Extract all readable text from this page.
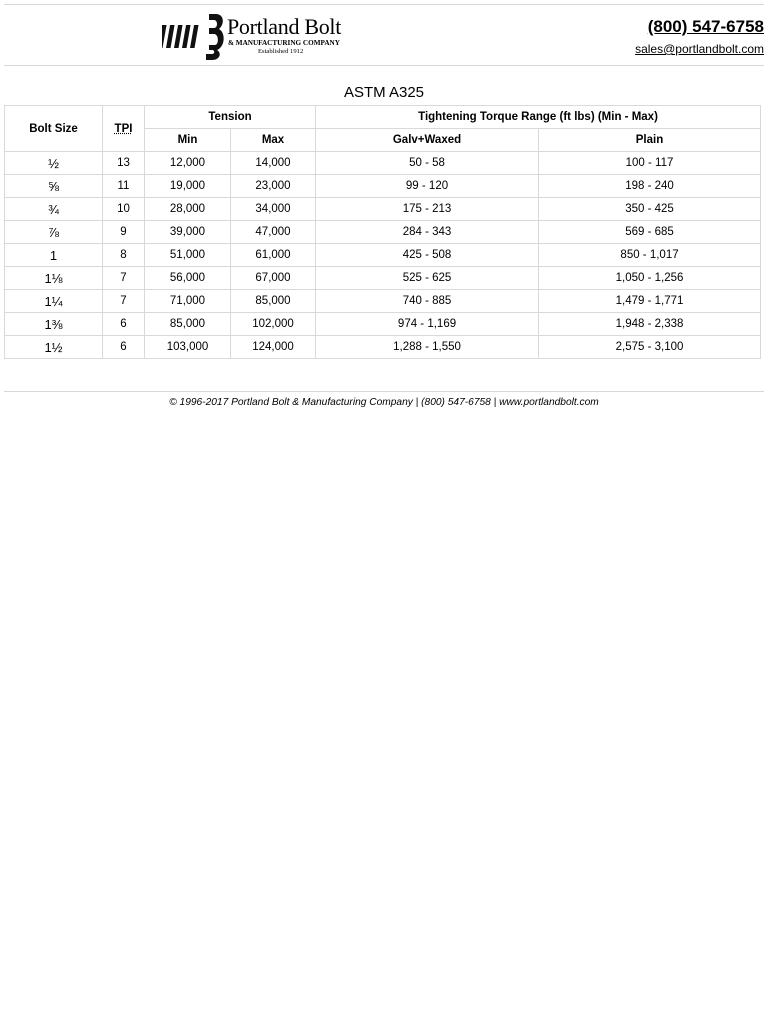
Portland Bolt
& MANUFACTURING COMPANY
Established 1912
(800) 547-6758
sales@portlandbolt.com
ASTM A325
Bolt Size	TPI	Tension		Tightening Torque Range (ft lbs) (Min - Max)	
		Min	Max	Galv+Waxed	Plain
½	13	12,000	14,000	50 - 58	100 - 117
⅝	11	19,000	23,000	99 - 120	198 - 240
¾	10	28,000	34,000	175 - 213	350 - 425
⅞	9	39,000	47,000	284 - 343	569 - 685
1	8	51,000	61,000	425 - 508	850 - 1,017
1⅛	7	56,000	67,000	525 - 625	1,050 - 1,256
1¼	7	71,000	85,000	740 - 885	1,479 - 1,771
1⅜	6	85,000	102,000	974 - 1,169	1,948 - 2,338
1½	6	103,000	124,000	1,288 - 1,550	2,575 - 3,100
© 1996-2017 Portland Bolt & Manufacturing Company | (800) 547-6758 | www.portlandbolt.com
